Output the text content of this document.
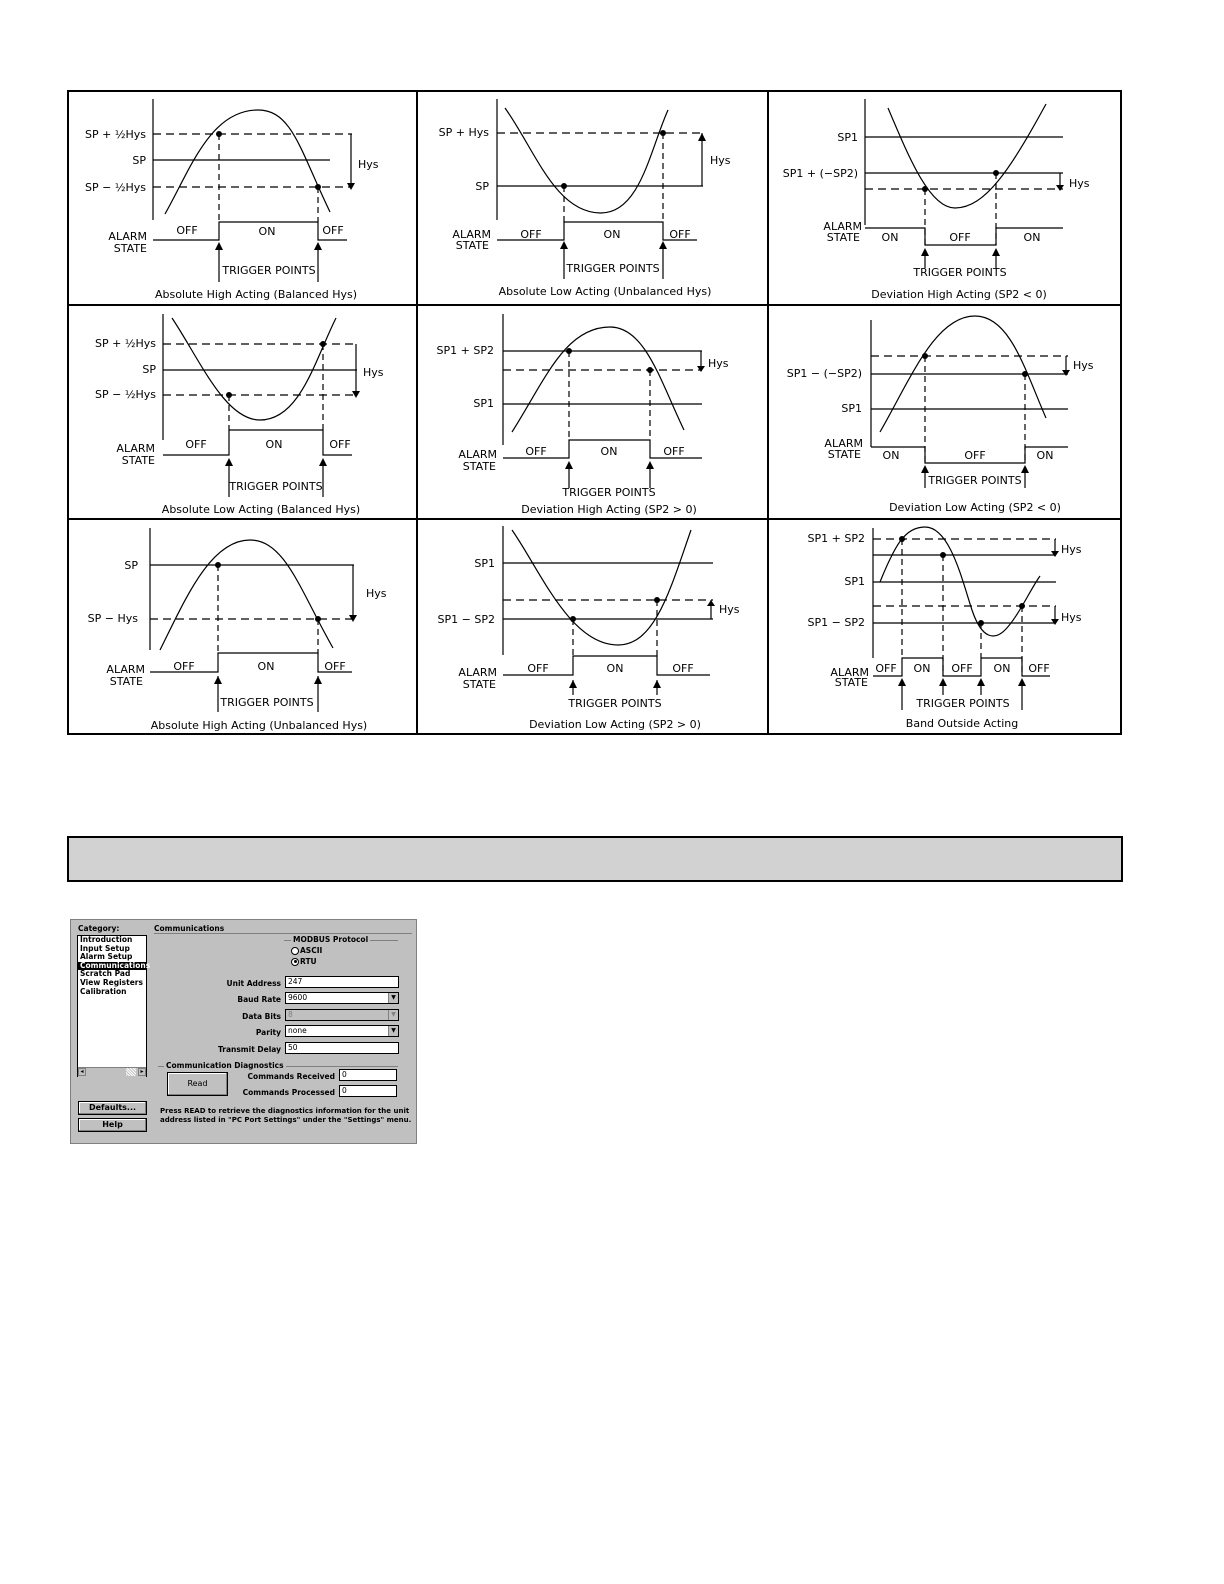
SP + ½Hys
SP
SP − ½Hys
Hys
ALARM
STATE
OFF	ON	OFF
TRIGGER POINTS
Absolute High Acting (Balanced Hys)
SP + Hys
SP
Hys
ALARM
STATE
OFF	ON	OFF
TRIGGER POINTS
Absolute Low Acting (Unbalanced Hys)
SP1
SP1 + (−SP2)
Hys
ALARM
STATE ON	OFF	ON
TRIGGER POINTS
Deviation High Acting (SP2 < 0)
SP + ½Hys
SP
SP − ½Hys
Hys
ALARM
STATE
OFF	ON	OFF
TRIGGER POINTS
Absolute Low Acting (Balanced Hys)
SP1 + SP2
SP1
Hys
ALARM
STATE
OFF	ON	OFF
TRIGGER POINTS
Deviation High Acting (SP2 > 0)
SP1 − (−SP2)
SP1
Hys
ALARM
STATE ON	OFF	ON
TRIGGER POINTS
Deviation Low Acting (SP2 < 0)
SP
SP − Hys
Hys
ALARM
STATE
OFF	ON	OFF
TRIGGER POINTS
Absolute High Acting (Unbalanced Hys)
SP1
SP1 − SP2
Hys
ALARM
STATE
OFF	ON	OFF
TRIGGER POINTS
Deviation Low Acting (SP2 > 0)
SP1 + SP2
SP1
SP1 − SP2
Hys
Hys
ALARM
STATE
OFF ON OFF ON OFF
TRIGGER POINTS
Band Outside Acting
Category:
Introduction
Input Setup
Alarm Setup
Communications
Scratch Pad
View Registers
Calibration
◂	▸
Defaults...
Help
Communications
MODBUS Protocol
ASCII
RTU
Unit Address 247
Baud Rate 9600	▼
Data Bits 8	▼
Parity none	▼
Transmit Delay 50
Communication Diagnostics
Read
Commands Received 0
Commands Processed 0
Press READ to retrieve the diagnostics information for the unit
address listed in "PC Port Settings" under the "Settings" menu.
